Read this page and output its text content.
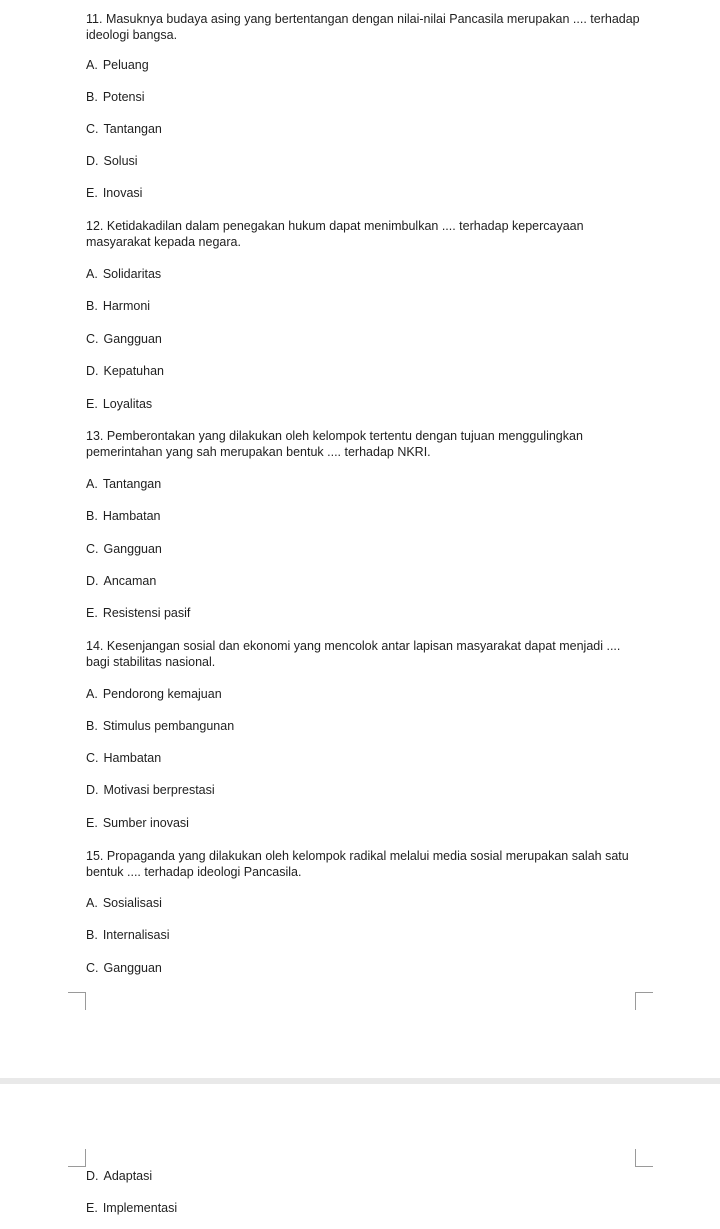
11. Masuknya budaya asing yang bertentangan dengan nilai-nilai Pancasila merupakan .... terhadap ideologi bangsa.

A. Peluang
B. Potensi
C. Tantangan
D. Solusi
E. Inovasi

12. Ketidakadilan dalam penegakan hukum dapat menimbulkan .... terhadap kepercayaan masyarakat kepada negara.

A. Solidaritas
B. Harmoni
C. Gangguan
D. Kepatuhan
E. Loyalitas

13. Pemberontakan yang dilakukan oleh kelompok tertentu dengan tujuan menggulingkan pemerintahan yang sah merupakan bentuk .... terhadap NKRI.

A. Tantangan
B. Hambatan
C. Gangguan
D. Ancaman
E. Resistensi pasif

14. Kesenjangan sosial dan ekonomi yang mencolok antar lapisan masyarakat dapat menjadi .... bagi stabilitas nasional.

A. Pendorong kemajuan
B. Stimulus pembangunan
C. Hambatan
D. Motivasi berprestasi
E. Sumber inovasi

15. Propaganda yang dilakukan oleh kelompok radikal melalui media sosial merupakan salah satu bentuk .... terhadap ideologi Pancasila.

A. Sosialisasi
B. Internalisasi
C. Gangguan
D. Adaptasi
E. Implementasi
